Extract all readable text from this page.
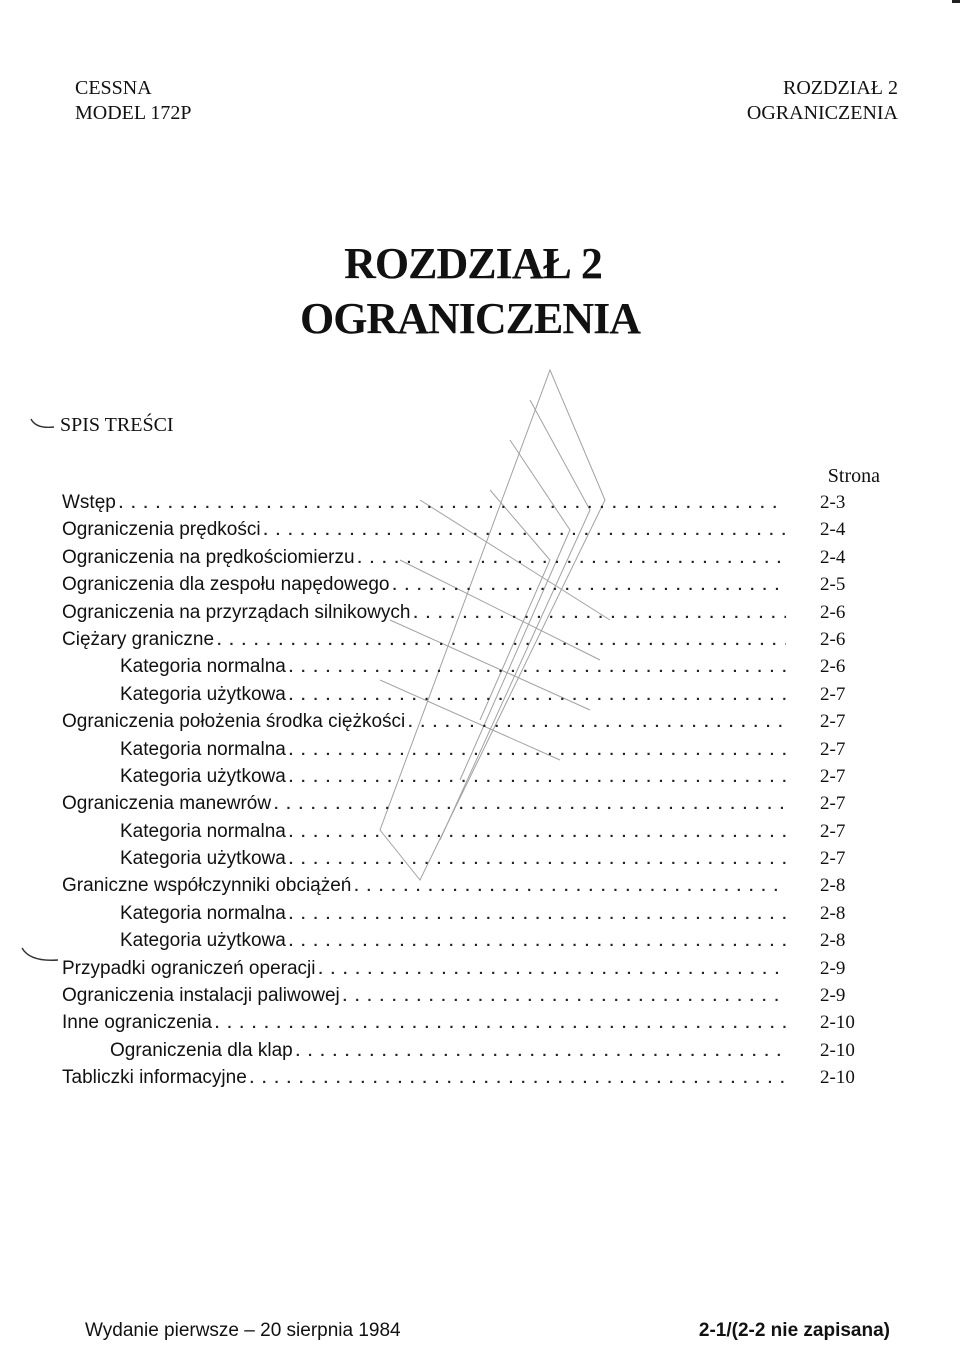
CESSNA
MODEL 172P
ROZDZIAŁ 2
OGRANICZENIA
ROZDZIAŁ 2
OGRANICZENIA
SPIS TREŚCI
Strona
Wstęp . . .	2-3
Ograniczenia prędkości . . .	2-4
Ograniczenia na prędkościomierzu . . .	2-4
Ograniczenia dla zespołu napędowego . . .	2-5
Ograniczenia na przyrządach silnikowych . . .	2-6
Ciężary graniczne . . .	2-6
Kategoria normalna . . .	2-6
Kategoria użytkowa . . .	2-7
Ograniczenia położenia środka ciężkości . . .	2-7
Kategoria normalna . . .	2-7
Kategoria użytkowa . . .	2-7
Ograniczenia manewrów . . .	2-7
Kategoria normalna . . .	2-7
Kategoria użytkowa . . .	2-7
Graniczne współczynniki obciążeń . . .	2-8
Kategoria normalna . . .	2-8
Kategoria użytkowa . . .	2-8
Przypadki ograniczeń operacji . . .	2-9
Ograniczenia instalacji paliwowej . . .	2-9
Inne ograniczenia . . .	2-10
Ograniczenia dla klap . . .	2-10
Tabliczki informacyjne . . .	2-10
Wydanie pierwsze – 20 sierpnia 1984	2-1/(2-2 nie zapisana)
